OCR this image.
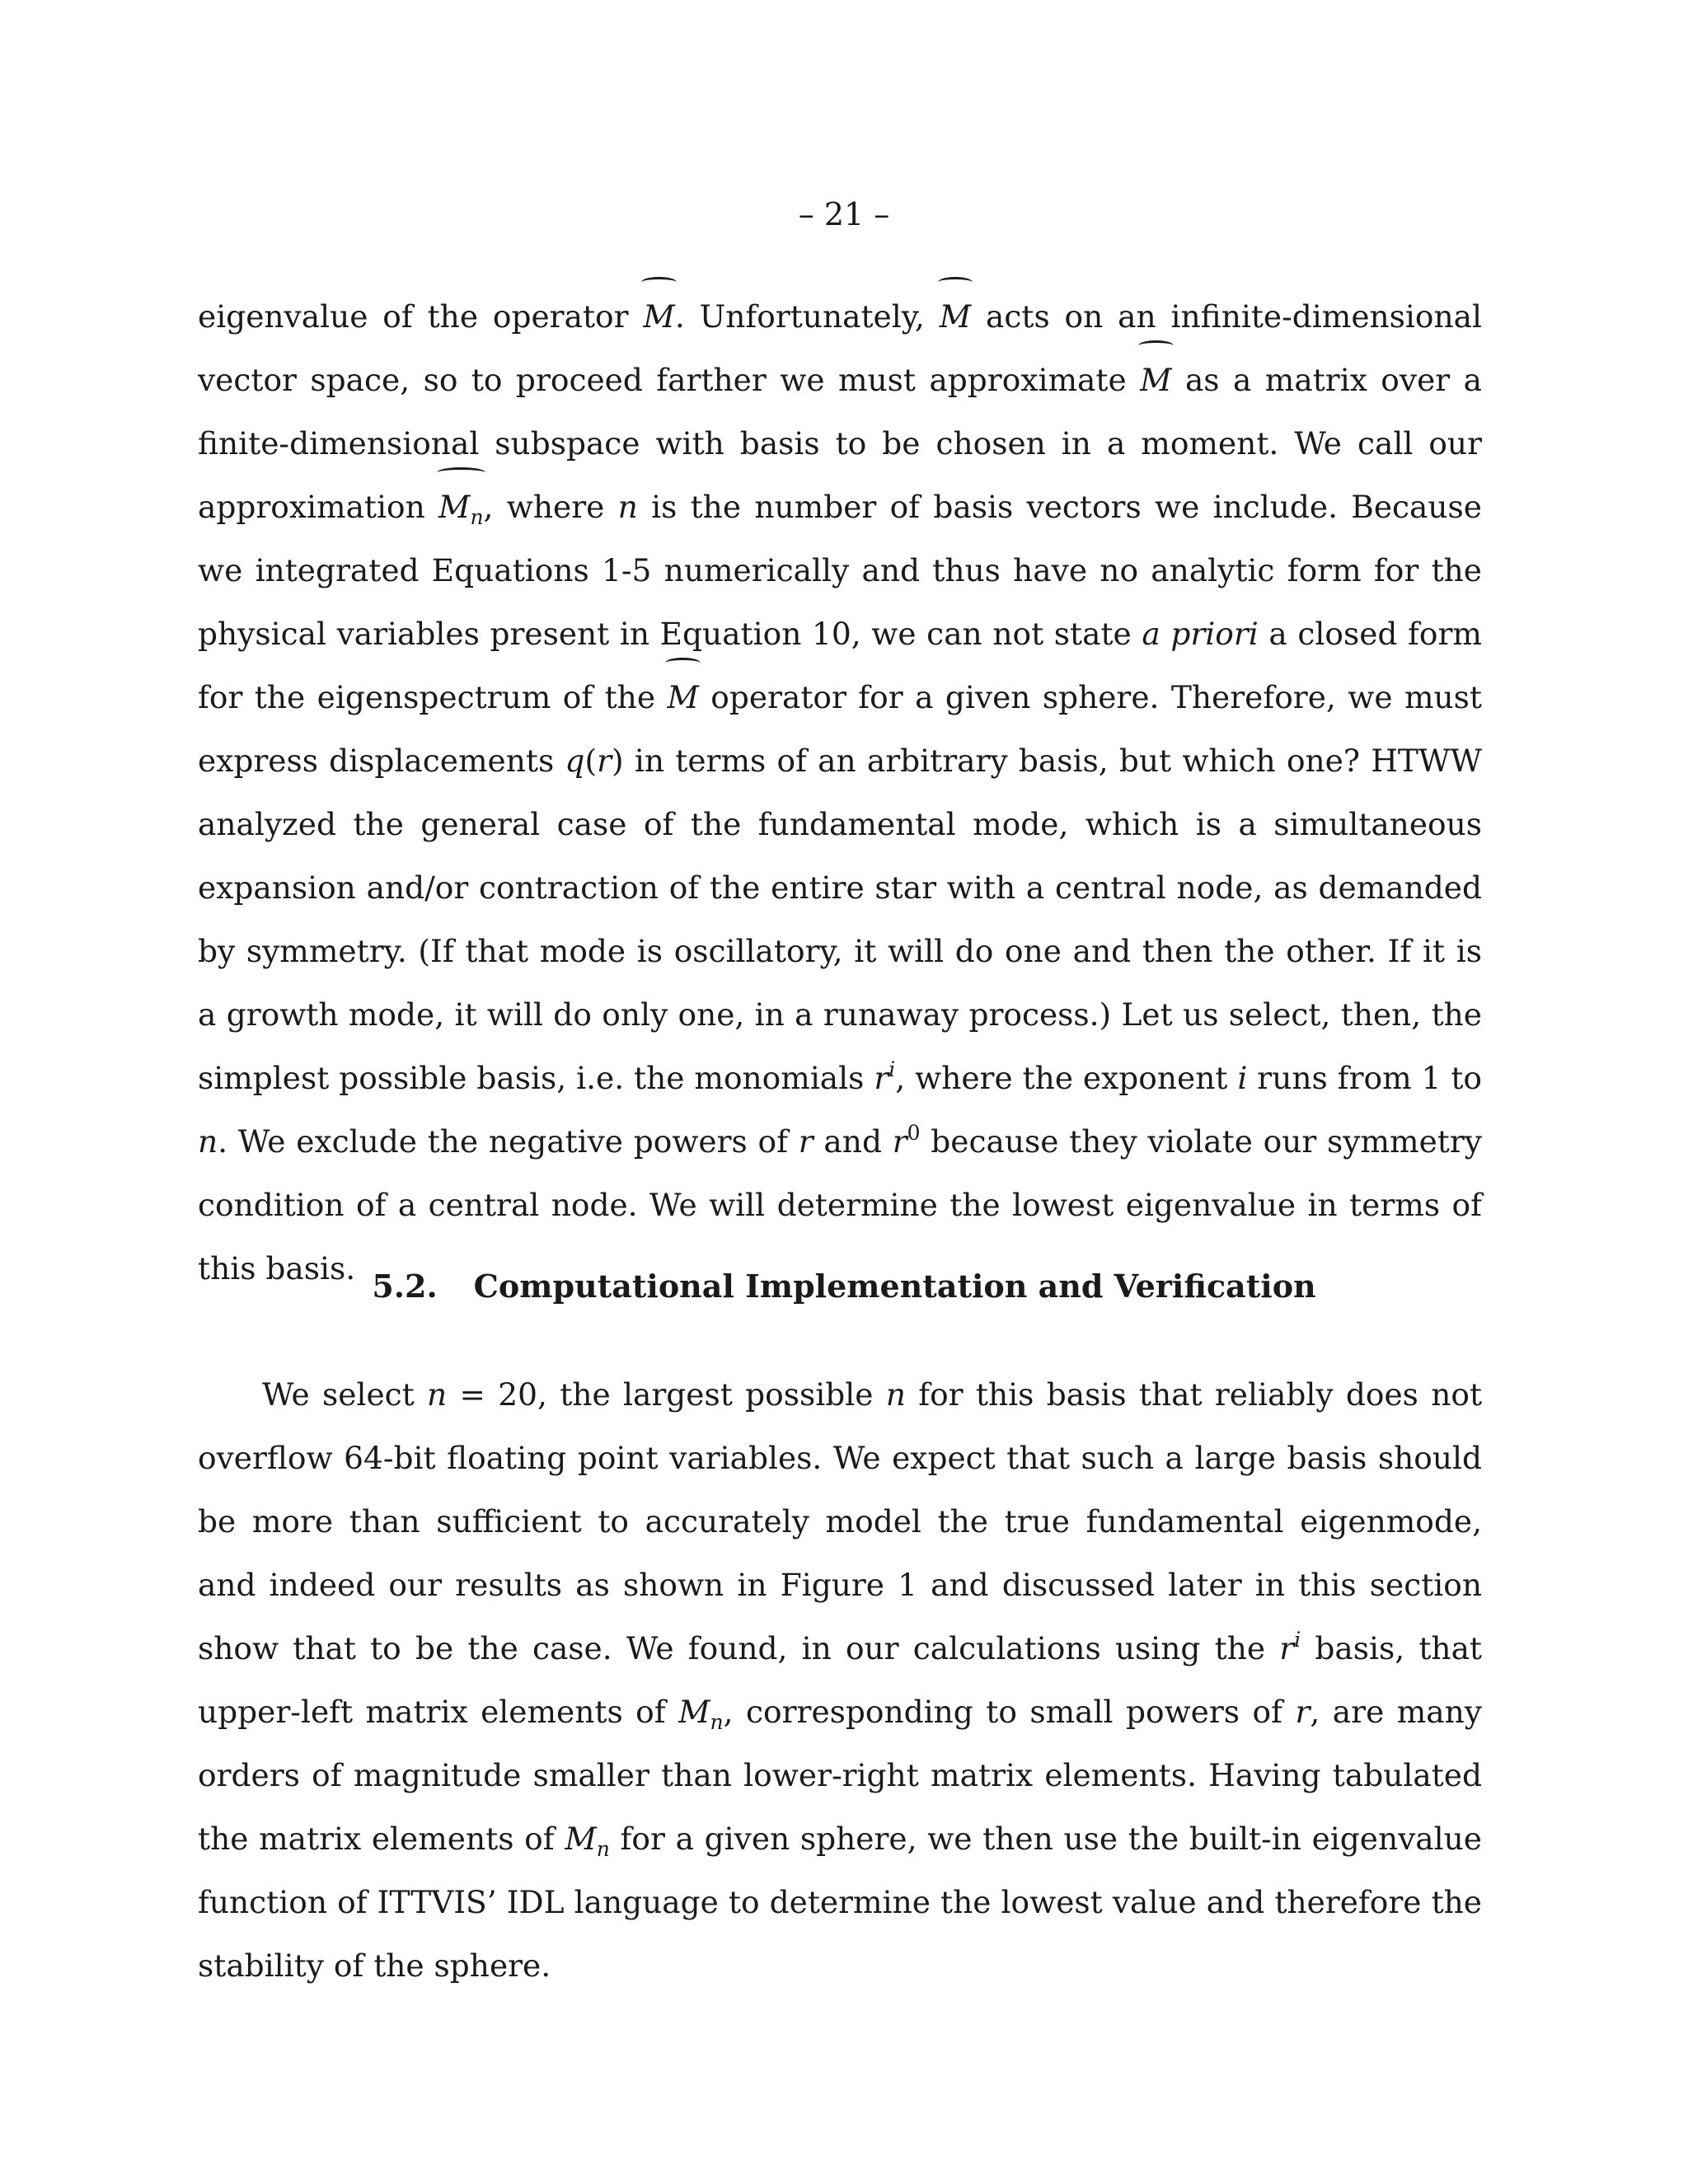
– 21 –

eigenvalue of the operator M. Unfortunately, M acts on an infinite-dimensional vector space, so to proceed farther we must approximate M as a matrix over a finite-dimensional subspace with basis to be chosen in a moment. We call our approximation $M_n$, where n is the number of basis vectors we include. Because we integrated Equations 1-5 numerically and thus have no analytic form for the physical variables present in Equation 10, we can not state a priori a closed form for the eigenspectrum of the M operator for a given sphere. Therefore, we must express displacements q(r) in terms of an arbitrary basis, but which one? HTWW analyzed the general case of the fundamental mode, which is a simultaneous expansion and/or contraction of the entire star with a central node, as demanded by symmetry. (If that mode is oscillatory, it will do one and then the other. If it is a growth mode, it will do only one, in a runaway process.) Let us select, then, the simplest possible basis, i.e. the monomials $r^i$, where the exponent i runs from 1 to n. We exclude the negative powers of r and $r^0$ because they violate our symmetry condition of a central node. We will determine the lowest eigenvalue in terms of this basis. 5.2. Computational Implementation and Verification

We select n = 20, the largest possible n for this basis that reliably does not overflow 64-bit floating point variables. We expect that such a large basis should be more than sufficient to accurately model the true fundamental eigenmode, and indeed our results as shown in Figure 1 and discussed later in this section show that to be the case. We found, in our calculations using the $r^i$ basis, that upper-left matrix elements of $M_n$, corresponding to small powers of r, are many orders of magnitude smaller than lower-right matrix elements. Having tabulated the matrix elements of $M_n$ for a given sphere, we then use the built-in eigenvalue function of ITTVIS’ IDL language to determine the lowest value and therefore the stability of the sphere.
